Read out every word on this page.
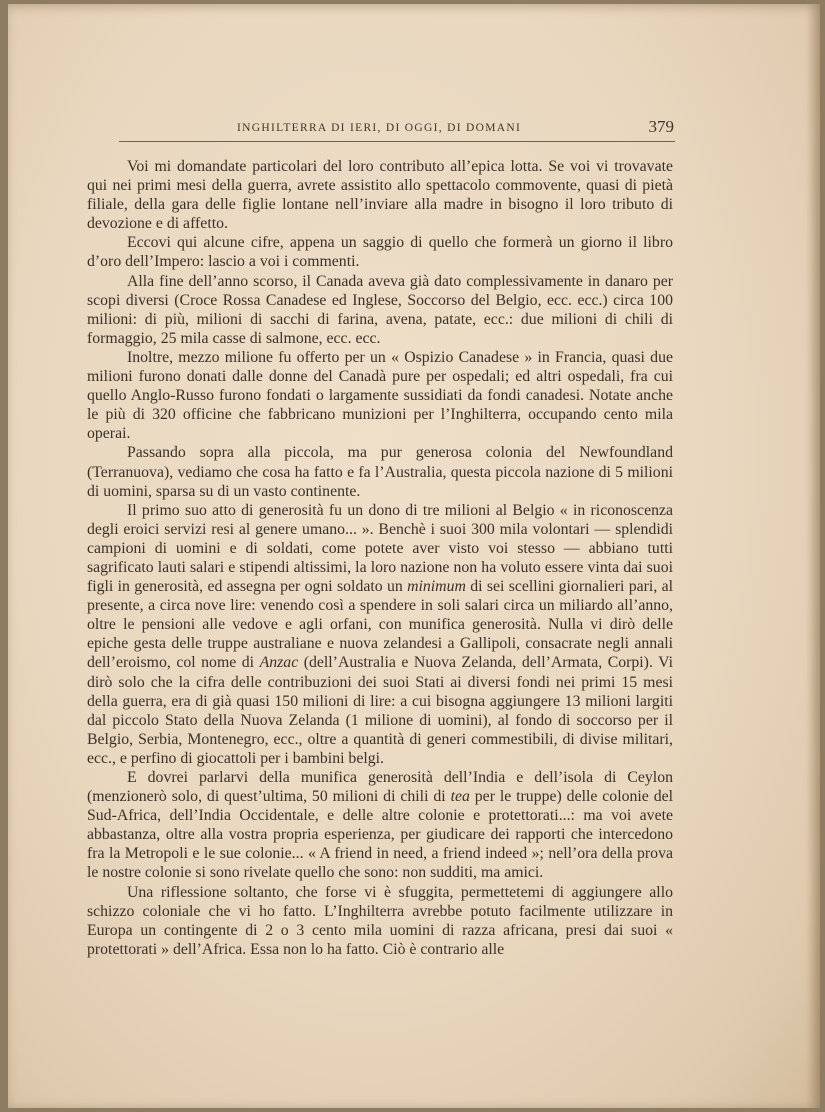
INGHILTERRA DI IERI, DI OGGI, DI DOMANI	379

Voi mi domandate particolari del loro contributo all’epica lotta. Se voi vi trovavate qui nei primi mesi della guerra, avrete assistito allo spettacolo commovente, quasi di pietà filiale, della gara delle figlie lontane nell’inviare alla madre in bisogno il loro tributo di devozione e di affetto.

Eccovi qui alcune cifre, appena un saggio di quello che formerà un giorno il libro d’oro dell’Impero: lascio a voi i commenti.

Alla fine dell’anno scorso, il Canada aveva già dato complessivamente in danaro per scopi diversi (Croce Rossa Canadese ed Inglese, Soccorso del Belgio, ecc. ecc.) circa 100 milioni: di più, milioni di sacchi di farina, avena, patate, ecc.: due milioni di chili di formaggio, 25 mila casse di salmone, ecc. ecc.

Inoltre, mezzo milione fu offerto per un « Ospizio Canadese » in Francia, quasi due milioni furono donati dalle donne del Canadà pure per ospedali; ed altri ospedali, fra cui quello Anglo-Russo furono fondati o largamente sussidiati da fondi canadesi. Notate anche le più di 320 officine che fabbricano munizioni per l’Inghilterra, occupando cento mila operai.

Passando sopra alla piccola, ma pur generosa colonia del Newfoundland (Terranuova), vediamo che cosa ha fatto e fa l’Australia, questa piccola nazione di 5 milioni di uomini, sparsa su di un vasto continente.

Il primo suo atto di generosità fu un dono di tre milioni al Belgio « in riconoscenza degli eroici servizi resi al genere umano... ». Benchè i suoi 300 mila volontari — splendidi campioni di uomini e di soldati, come potete aver visto voi stesso — abbiano tutti sagrificato lauti salari e stipendi altissimi, la loro nazione non ha voluto essere vinta dai suoi figli in generosità, ed assegna per ogni soldato un minimum di sei scellini giornalieri pari, al presente, a circa nove lire: venendo così a spendere in soli salari circa un miliardo all’anno, oltre le pensioni alle vedove e agli orfani, con munifica generosità. Nulla vi dirò delle epiche gesta delle truppe australiane e nuova zelandesi a Gallipoli, consacrate negli annali dell’eroismo, col nome di Anzac (dell’Australia e Nuova Zelanda, dell’Armata, Corpi). Vi dirò solo che la cifra delle contribuzioni dei suoi Stati ai diversi fondi nei primi 15 mesi della guerra, era di già quasi 150 milioni di lire: a cui bisogna aggiungere 13 milioni largiti dal piccolo Stato della Nuova Zelanda (1 milione di uomini), al fondo di soccorso per il Belgio, Serbia, Montenegro, ecc., oltre a quantità di generi commestibili, di divise militari, ecc., e perfino di giocattoli per i bambini belgi.

E dovrei parlarvi della munifica generosità dell’India e dell’isola di Ceylon (menzionerò solo, di quest’ultima, 50 milioni di chili di tea per le truppe) delle colonie del Sud-Africa, dell’India Occidentale, e delle altre colonie e protettorati...: ma voi avete abbastanza, oltre alla vostra propria esperienza, per giudicare dei rapporti che intercedono fra la Metropoli e le sue colonie... « A friend in need, a friend indeed »; nell’ora della prova le nostre colonie si sono rivelate quello che sono: non sudditi, ma amici.

Una riflessione soltanto, che forse vi è sfuggita, permettetemi di aggiungere allo schizzo coloniale che vi ho fatto. L’Inghilterra avrebbe potuto facilmente utilizzare in Europa un contingente di 2 o 3 cento mila uomini di razza africana, presi dai suoi « protettorati » dell’Africa. Essa non lo ha fatto. Ciò è contrario alle
